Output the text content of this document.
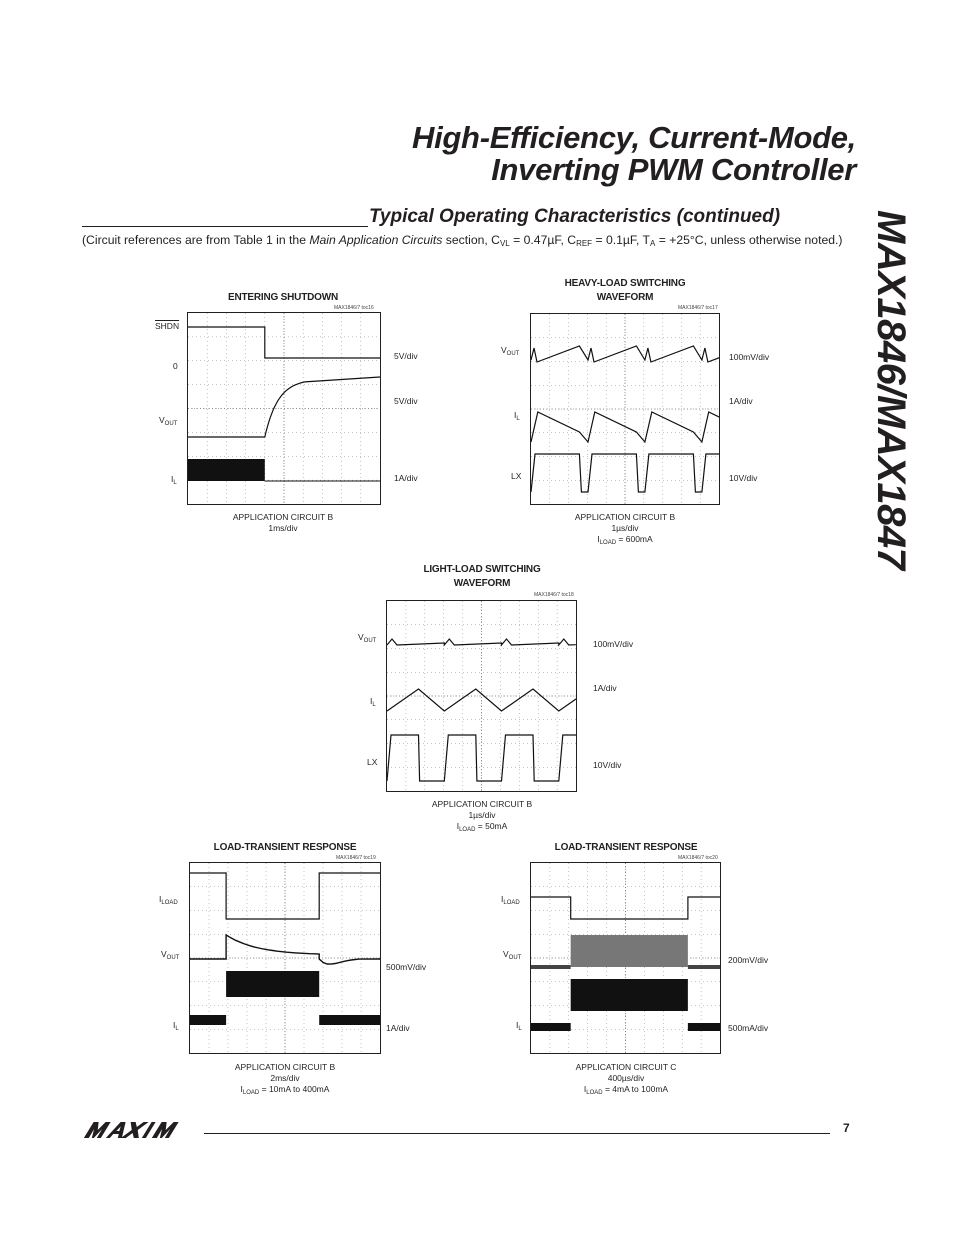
High-Efficiency, Current-Mode,
Inverting PWM Controller
MAX1846/MAX1847
Typical Operating Characteristics (continued)
(Circuit references are from Table 1 in the Main Application Circuits section, $C_{VL} = 0.47\mu F$, $C_{REF} = 0.1\mu F$, $T_A = +25^\circ C$, unless otherwise noted.)
ENTERING SHUTDOWN
MAX1846/7 toc16
SHDN
0
$V_{OUT}$
$I_L$
5V/div
5V/div
1A/div
APPLICATION CIRCUIT B
1ms/div
HEAVY-LOAD SWITCHING
WAVEFORM
MAX1846/7 toc17
$V_{OUT}$
$I_L$
LX
100mV/div
1A/div
10V/div
APPLICATION CIRCUIT B
1µs/div
$I_{LOAD} = 600mA$
LIGHT-LOAD SWITCHING
WAVEFORM
MAX1846/7 toc18
$V_{OUT}$
$I_L$
LX
100mV/div
1A/div
10V/div
APPLICATION CIRCUIT B
1µs/div
$I_{LOAD} = 50mA$
LOAD-TRANSIENT RESPONSE
MAX1846/7 toc19
$I_{LOAD}$
$V_{OUT}$
$I_L$
500mV/div
1A/div
APPLICATION CIRCUIT B
2ms/div
$I_{LOAD} = 10mA$ to 400mA
LOAD-TRANSIENT RESPONSE
MAX1846/7 toc20
$I_{LOAD}$
$V_{OUT}$
$I_L$
200mV/div
500mA/div
APPLICATION CIRCUIT C
400µs/div
$I_{LOAD} = 4mA$ to 100mA
7
